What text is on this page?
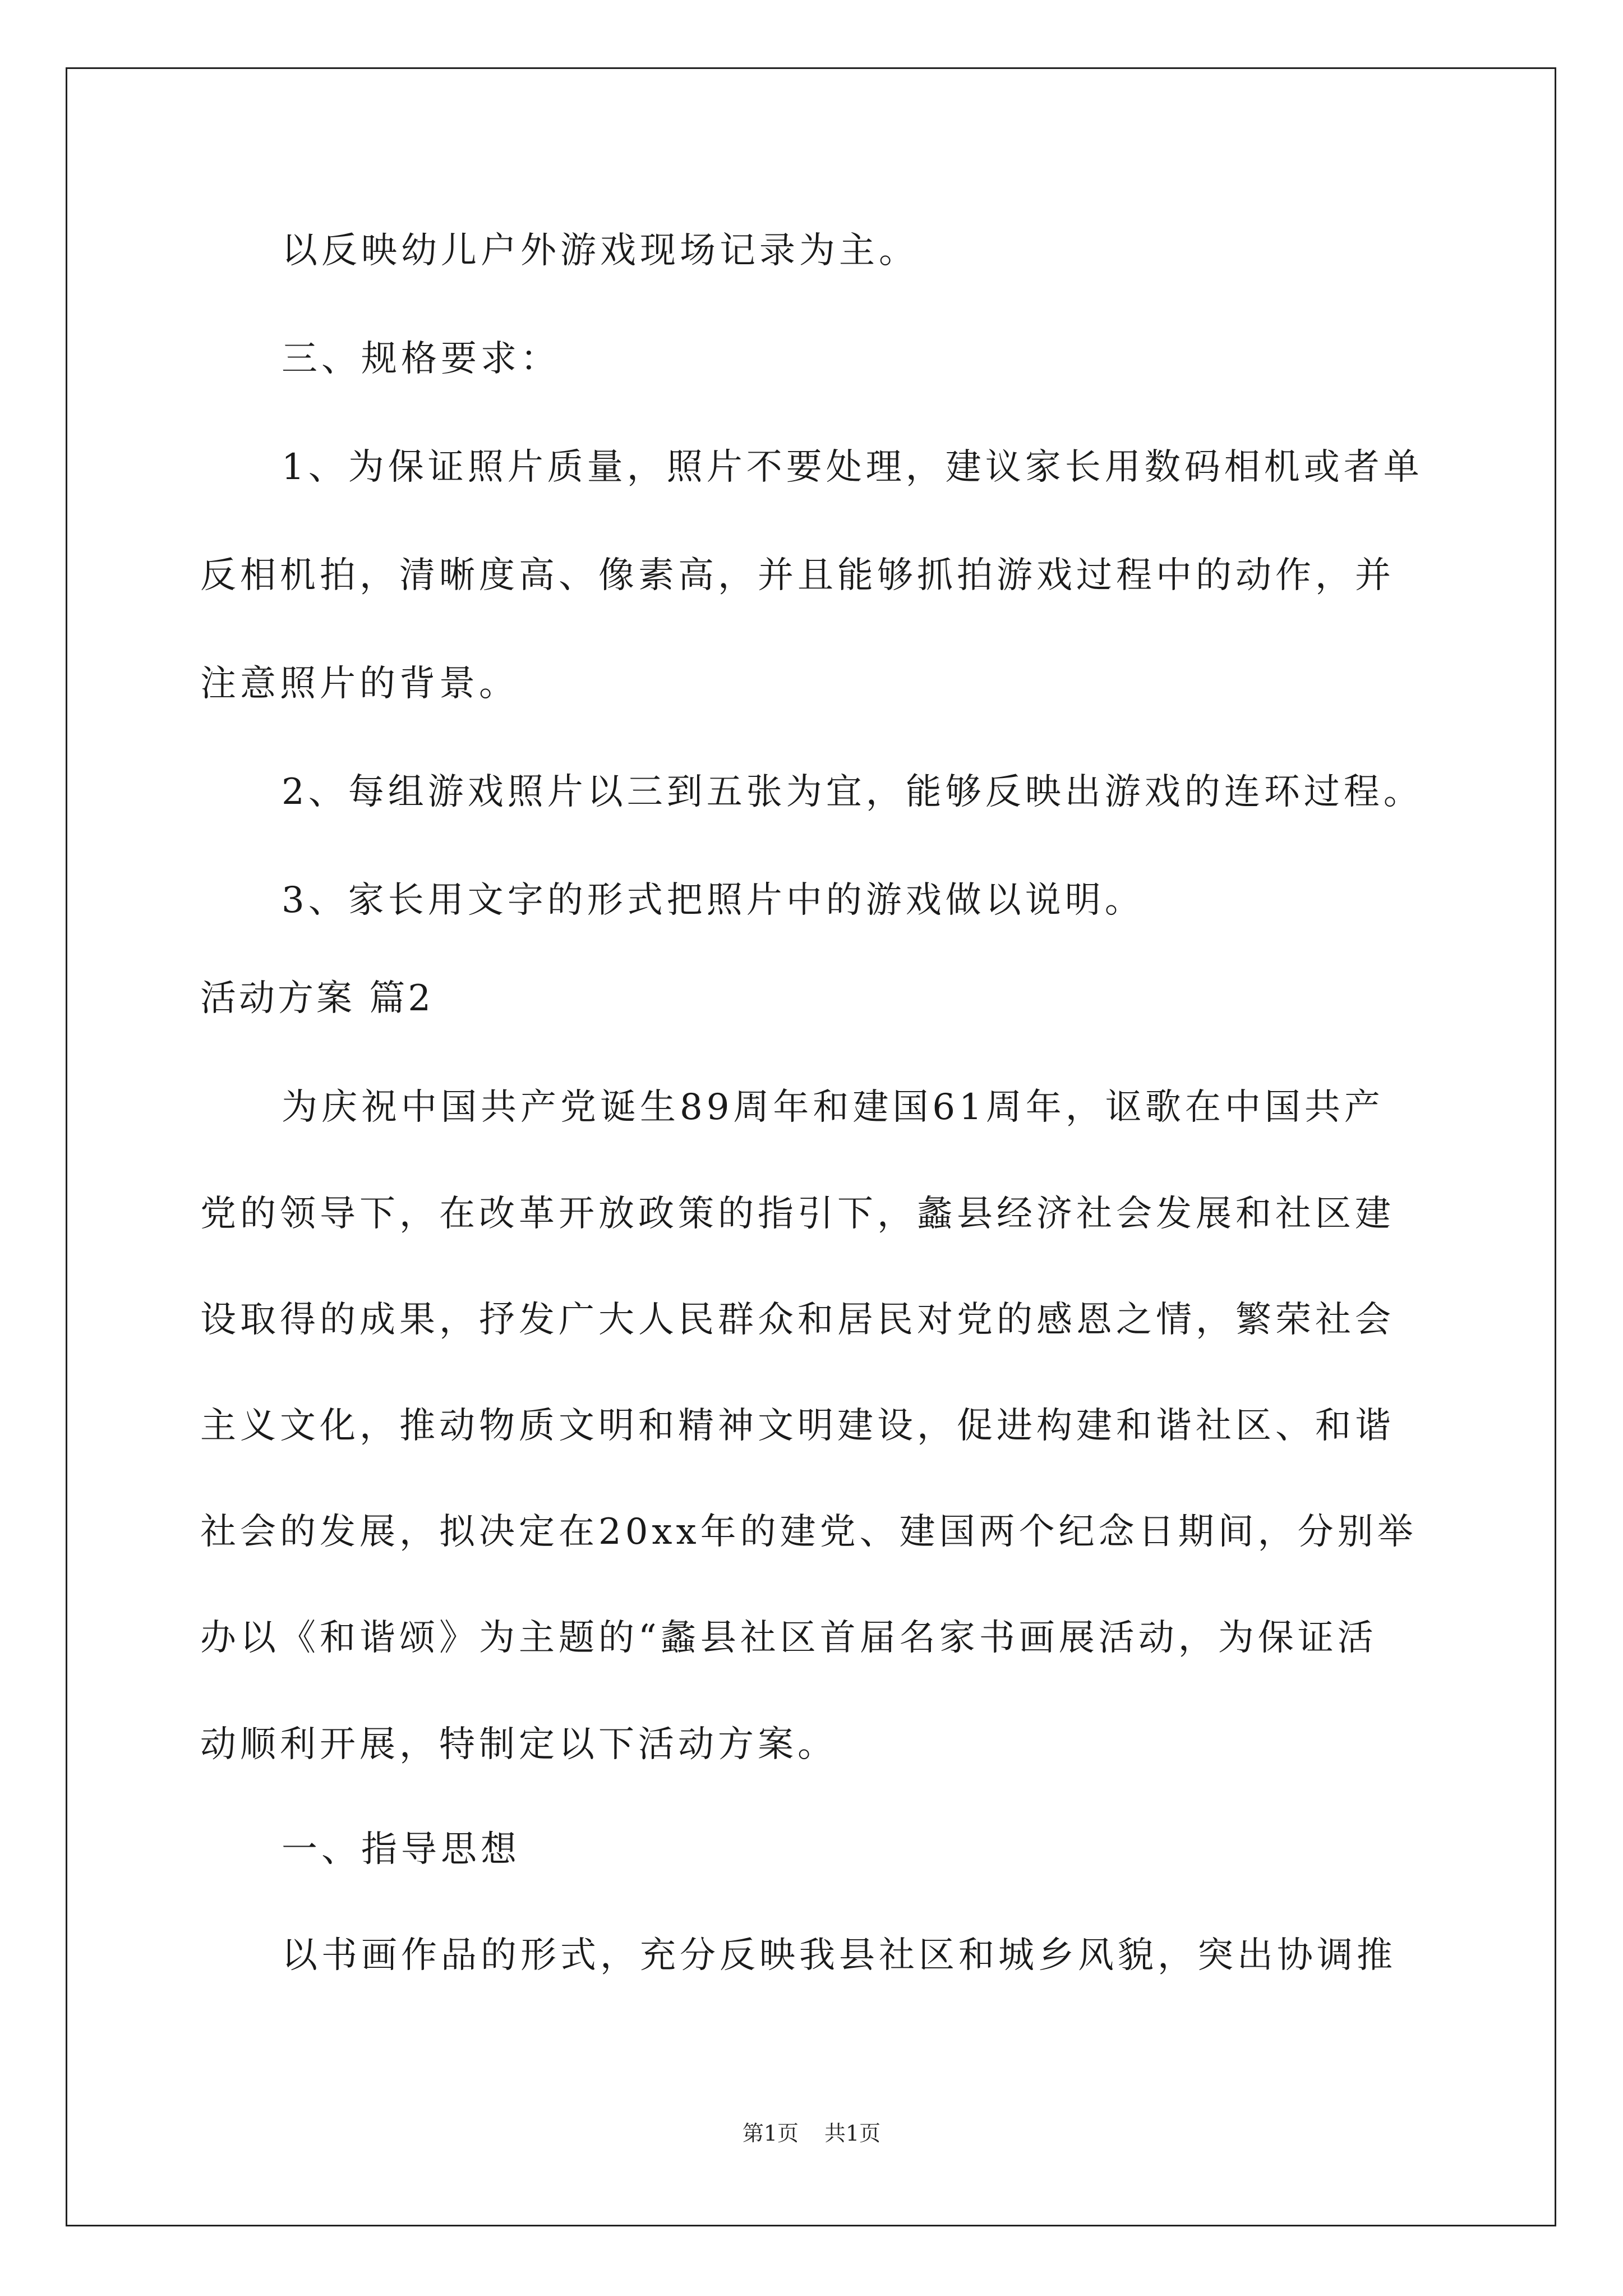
以反映幼儿户外游戏现场记录为主。
三、规格要求：
1、为保证照片质量，照片不要处理，建议家长用数码相机或者单
反相机拍，清晰度高、像素高，并且能够抓拍游戏过程中的动作，并
注意照片的背景。
2、每组游戏照片以三到五张为宜，能够反映出游戏的连环过程。
3、家长用文字的形式把照片中的游戏做以说明。
活动方案 篇2
为庆祝中国共产党诞生89周年和建国61周年，讴歌在中国共产
党的领导下，在改革开放政策的指引下，蠡县经济社会发展和社区建
设取得的成果，抒发广大人民群众和居民对党的感恩之情，繁荣社会
主义文化，推动物质文明和精神文明建设，促进构建和谐社区、和谐
社会的发展，拟决定在20xx年的建党、建国两个纪念日期间，分别举
办以《和谐颂》为主题的“蠡县社区首届名家书画展活动，为保证活
动顺利开展，特制定以下活动方案。
一、指导思想
以书画作品的形式，充分反映我县社区和城乡风貌，突出协调推
第1页 共1页
